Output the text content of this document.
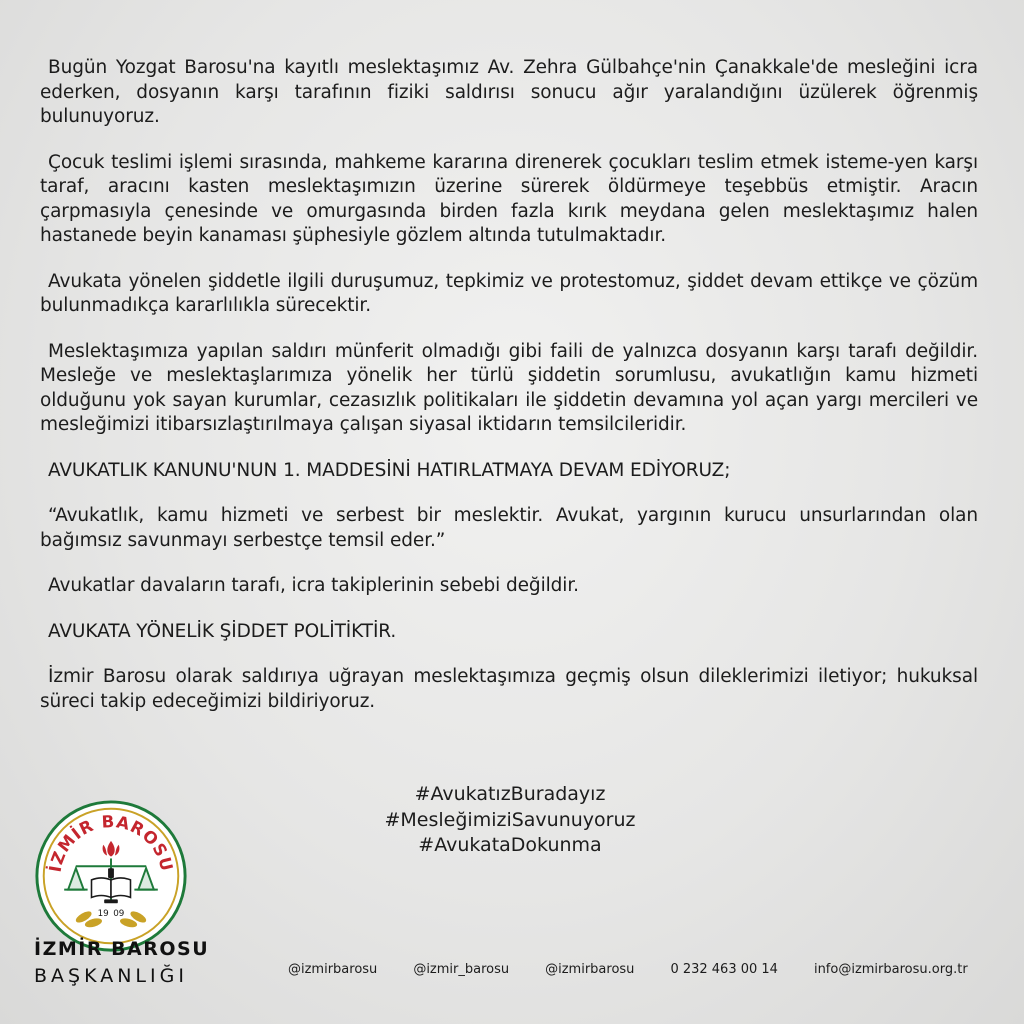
Bugün Yozgat Barosu'na kayıtlı meslektaşımız Av. Zehra Gülbahçe'nin Çanakkale'de mesleğini icra ederken, dosyanın karşı tarafının fiziki saldırısı sonucu ağır yaralandığını üzülerek öğrenmiş bulunuyoruz.

Çocuk teslimi işlemi sırasında, mahkeme kararına direnerek çocukları teslim etmek isteme-yen karşı taraf, aracını kasten meslektaşımızın üzerine sürerek öldürmeye teşebbüs etmiştir. Aracın çarpmasıyla çenesinde ve omurgasında birden fazla kırık meydana gelen meslektaşımız halen hastanede beyin kanaması şüphesiyle gözlem altında tutulmaktadır.

Avukata yönelen şiddetle ilgili duruşumuz, tepkimiz ve protestomuz, şiddet devam ettikçe ve çözüm bulunmadıkça kararlılıkla sürecektir.

Meslektaşımıza yapılan saldırı münferit olmadığı gibi faili de yalnızca dosyanın karşı tarafı değildir. Mesleğe ve meslektaşlarımıza yönelik her türlü şiddetin sorumlusu, avukatlığın kamu hizmeti olduğunu yok sayan kurumlar, cezasızlık politikaları ile şiddetin devamına yol açan yargı mercileri ve mesleğimizi itibarsızlaştırılmaya çalışan siyasal iktidarın temsilcileridir.

AVUKATLIK KANUNU'NUN 1. MADDESİNİ HATIRLATMAYA DEVAM EDİYORUZ;

“Avukatlık, kamu hizmeti ve serbest bir meslektir. Avukat, yargının kurucu unsurlarından olan bağımsız savunmayı serbestçe temsil eder.”

Avukatlar davaların tarafı, icra takiplerinin sebebi değildir.

AVUKATA YÖNELİK ŞİDDET POLİTİKTİR.

İzmir Barosu olarak saldırıya uğrayan meslektaşımıza geçmiş olsun dileklerimizi iletiyor; hukuksal süreci takip edeceğimizi bildiriyoruz.

#AvukatızBuradayız
#MesleğimiziSavunuyoruz
#AvukataDokunma
İZMİR BAROSU
19 09
İZMİR BAROSU
BAŞKANLIĞI	@izmirbarosu	@izmir_barosu	@izmirbarosu	0 232 463 00 14	info@izmirbarosu.org.tr
